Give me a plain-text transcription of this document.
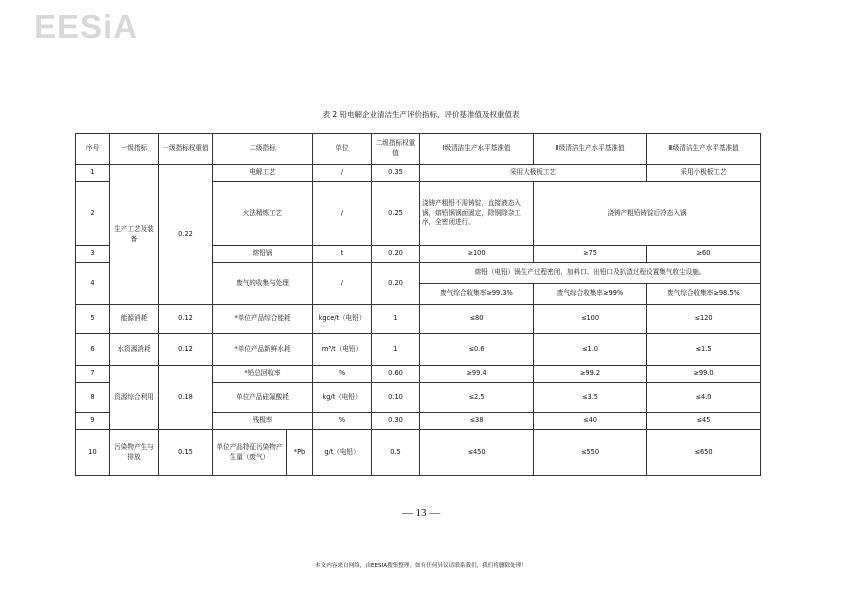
EESiA
表 2 铅电解企业清洁生产评价指标，评价基准值及权重值表
序号	一级指标	一级指标权重值	二级指标		单位	二级指标权重值	Ⅰ级清洁生产水平基准值	Ⅱ级清洁生产水平基准值	Ⅲ级清洁生产水平基准值
1	生产工艺及装备	0.22	电解工艺		/	0.35	采用大极板工艺		采用小极板工艺
2			火法精炼工艺		/	0.25	浇铸产粗铅不需铸锭，直接液态入锅，熔铅锅锅面固定，除铜除杂工序，全密闭进行。	浇铸产粗铅铸锭后冷态入锅	
3			熔铅锅		t	0.20	≥100	≥75	≥60
4			废气的收集与处理		/	0.20	熔铅（电铅）锅生产过程密闭，加料口、出铅口及扒渣过程设置集气收尘设施。		
							废气综合收集率≥99.3%	废气综合收集率≥99%	废气综合收集率≥98.5%
5	能源消耗	0.12	*单位产品综合能耗		kgce/t（电铅）	1	≤80	≤100	≤120
6	水资源消耗	0.12	*单位产品新鲜水耗		m³/t（电铅）	1	≤0.6	≤1.0	≤1.5
7	资源综合利用	0.18	*铅总回收率		%	0.60	≥99.4	≥99.2	≥99.0
8			单位产品硅氟酸耗		kg/t（电铅）	0.10	≤2.5	≤3.5	≤4.0
9			残极率		%	0.30	≤38	≤40	≤45
10	污染物产生与排放	0.15	单位产品特征污染物产生量（废气）	*Pb	g/t（电铅）	0.5	≤450	≤550	≤650
— 13 —
本文内容来自网络，由EESIA搜集整理，如有任何异议请联系我们，我们将删除处理！
